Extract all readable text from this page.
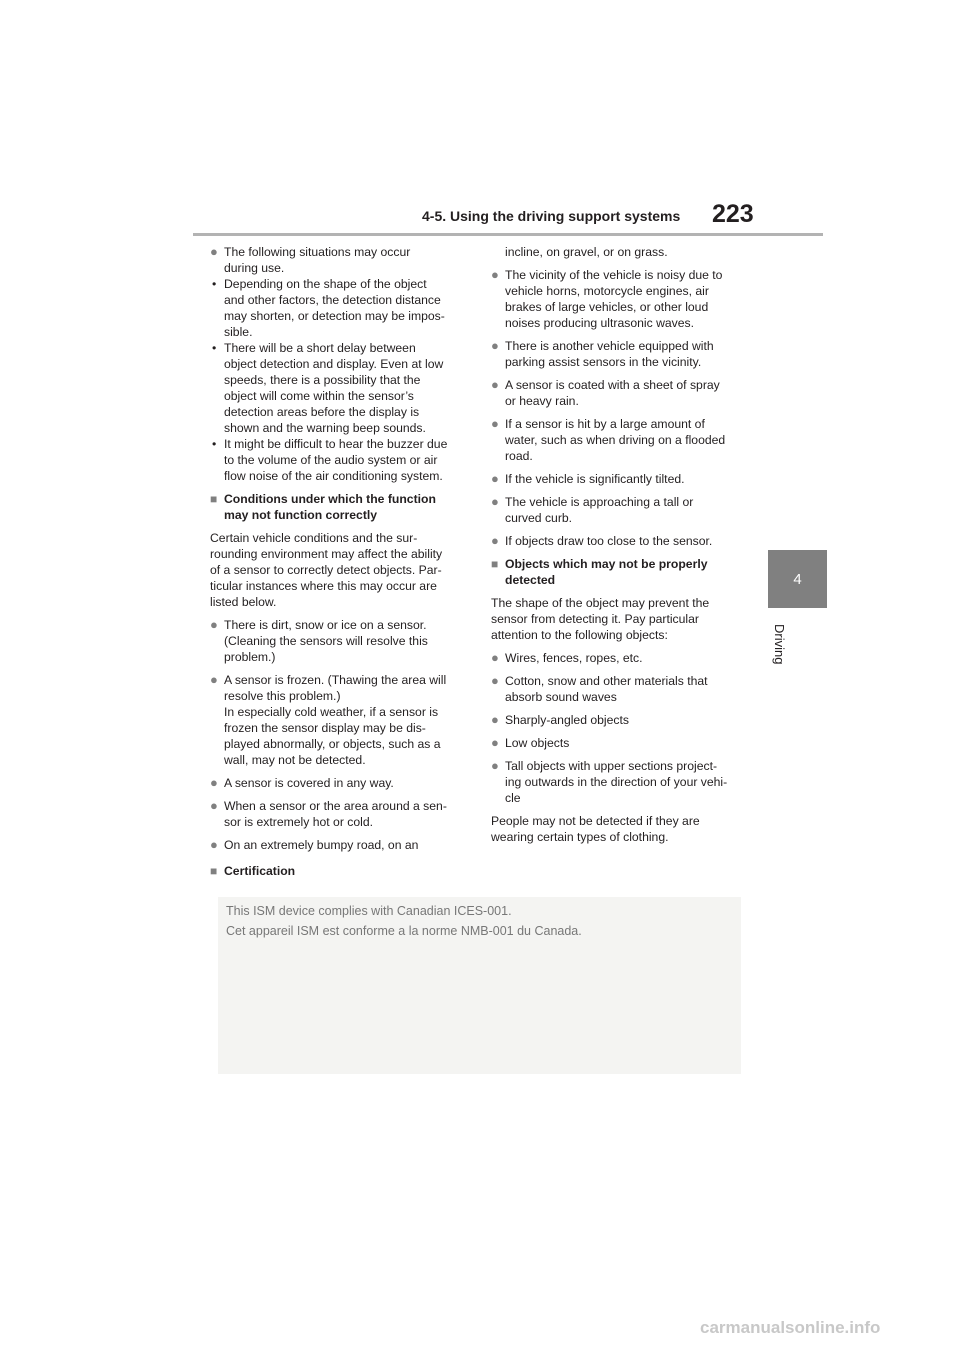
4-5. Using the driving support systems 223
4
Driving
● The following situations may occur

during use.

• Depending on the shape of the object

and other factors, the detection distance

may shorten, or detection may be impos-

sible.

• There will be a short delay between

object detection and display. Even at low

speeds, there is a possibility that the

object will come within the sensor’s

detection areas before the display is

shown and the warning beep sounds.

• It might be difficult to hear the buzzer due

to the volume of the audio system or air

flow noise of the air conditioning system.

■ Conditions under which the function

may not function correctly

Certain vehicle conditions and the sur-

rounding environment may affect the ability

of a sensor to correctly detect objects. Par-

ticular instances where this may occur are

listed below.

● There is dirt, snow or ice on a sensor.

(Cleaning the sensors will resolve this

problem.)

● A sensor is frozen. (Thawing the area will

resolve this problem.)

In especially cold weather, if a sensor is

frozen the sensor display may be dis-

played abnormally, or objects, such as a

wall, may not be detected.

● A sensor is covered in any way.

● When a sensor or the area around a sen-

sor is extremely hot or cold.

● On an extremely bumpy road, on an

incline, on gravel, or on grass.

● The vicinity of the vehicle is noisy due to

vehicle horns, motorcycle engines, air

brakes of large vehicles, or other loud

noises producing ultrasonic waves.

● There is another vehicle equipped with

parking assist sensors in the vicinity.

● A sensor is coated with a sheet of spray

or heavy rain.

● If a sensor is hit by a large amount of

water, such as when driving on a flooded

road.

● If the vehicle is significantly tilted.

● The vehicle is approaching a tall or

curved curb.

● If objects draw too close to the sensor.

■ Objects which may not be properly

detected

The shape of the object may prevent the

sensor from detecting it. Pay particular

attention to the following objects:

● Wires, fences, ropes, etc.

● Cotton, snow and other materials that

absorb sound waves

● Sharply-angled objects

● Low objects

● Tall objects with upper sections project-

ing outwards in the direction of your vehi-

cle

People may not be detected if they are

wearing certain types of clothing.

■ Certification
This ISM device complies with Canadian ICES-001.
Cet appareil ISM est conforme a la norme NMB-001 du Canada.
carmanualsonline.info
